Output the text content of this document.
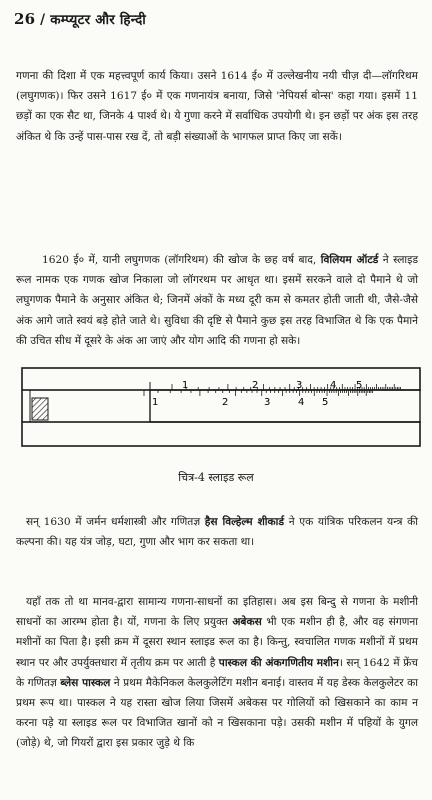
26 / कम्प्यूटर और हिन्दी
गणना की दिशा में एक महत्त्वपूर्ण कार्य किया। उसने 1614 ई० में उल्लेखनीय नयी चीज़ दी—लॉगरिथम (लघुगणक)। फिर उसने 1617 ई० में एक गणनायंत्र बनाया, जिसे 'नेपियर्स बोन्स' कहा गया। इसमें 11 छड़ों का एक सैट था, जिनके 4 पार्श्व थे। ये गुणा करने में सर्वाधिक उपयोगी थे। इन छड़ों पर अंक इस तरह अंकित थे कि उन्हें पास-पास रख दें, तो बड़ी संख्याओं के भागफल प्राप्त किए जा सकें।
1620 ई० में, यानी लघुगणक (लॉगरिथम) की खोज के छह वर्ष बाद, विलियम ऑटर्ड ने स्लाइड रूल नामक एक गणक खोज निकाला जो लॉगरथम पर आधृत था। इसमें सरकने वाले दो पैमाने थे जो लघुगणक पैमाने के अनुसार अंकित थे; जिनमें अंकों के मध्य दूरी कम से कमतर होती जाती थी, जैसे-जैसे अंक आगे जाते स्वयं बड़े होते जाते थे। सुविधा की दृष्टि से पैमाने कुछ इस तरह विभाजित थे कि एक पैमाने की उचित सीध में दूसरे के अंक आ जाएं और योग आदि की गणना हो सके।
1	2	3	4 5
1	2	3	4 5
चित्र-4 स्लाइड रूल
सन् 1630 में जर्मन धर्मशास्त्री और गणितज्ञ हैस विल्हेल्म शीकार्ड ने एक यांत्रिक परिकलन यन्त्र की कल्पना की। यह यंत्र जोड़, घटा, गुणा और भाग कर सकता था।
यहाँ तक तो था मानव-द्वारा सामान्य गणना-साधनों का इतिहास। अब इस बिन्दु से गणना के मशीनी साधनों का आरम्भ होता है। यों, गणना के लिए प्रयुक्त अबेकस भी एक मशीन ही है, और वह संगणना मशीनों का पिता है। इसी क्रम में दूसरा स्थान स्लाइड रूल का है। किन्तु, स्वचालित गणक मशीनों में प्रथम स्थान पर और उपर्युक्तधारा में तृतीय क्रम पर आती है पास्कल की अंकगणितीय मशीन। सन् 1642 में फ्रेंच के गणितज्ञ ब्लेस पास्कल ने प्रथम मैकेनिकल केलकुलेटिंग मशीन बनाई। वास्तव में यह डेस्क केलकुलेटर का प्रथम रूप था। पास्कल ने यह रास्ता खोज लिया जिसमें अबेकस पर गोलियों को खिसकाने का काम न करना पड़े या स्लाइड रूल पर विभाजित खानों को न खिसकाना पड़े। उसकी मशीन में पहियों के युगल (जोड़े) थे, जो गियरों द्वारा इस प्रकार जुड़े थे कि
